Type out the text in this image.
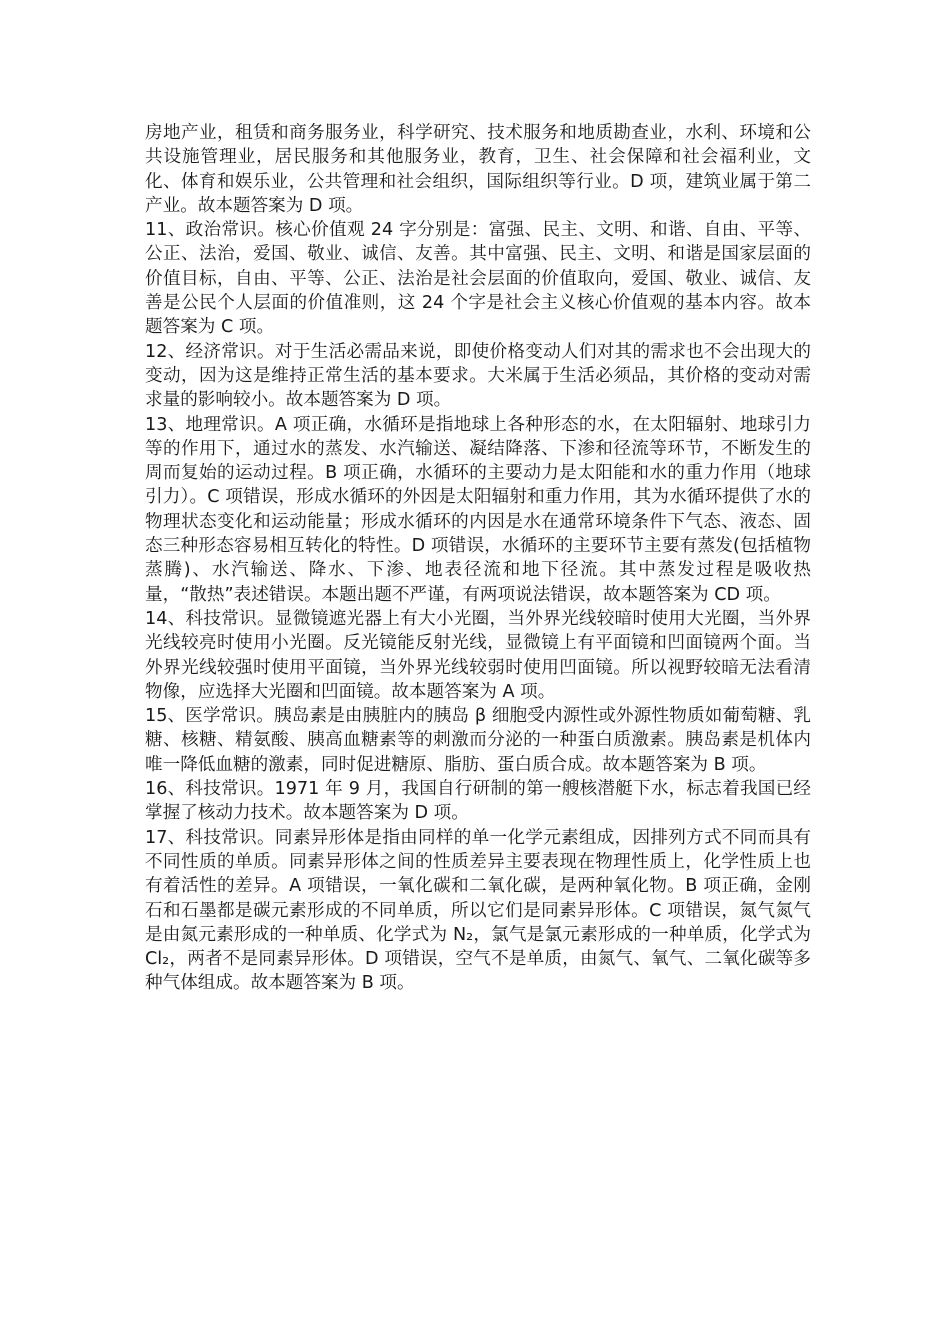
房地产业，租赁和商务服务业，科学研究、技术服务和地质勘查业，水利、环境和公共设施管理业，居民服务和其他服务业，教育，卫生、社会保障和社会福利业，文化、体育和娱乐业，公共管理和社会组织，国际组织等行业。D 项，建筑业属于第二产业。故本题答案为 D 项。

11、政治常识。核心价值观 24 字分别是：富强、民主、文明、和谐、自由、平等、公正、法治，爱国、敬业、诚信、友善。其中富强、民主、文明、和谐是国家层面的价值目标，自由、平等、公正、法治是社会层面的价值取向，爱国、敬业、诚信、友善是公民个人层面的价值准则，这 24 个字是社会主义核心价值观的基本内容。故本题答案为 C 项。

12、经济常识。对于生活必需品来说，即使价格变动人们对其的需求也不会出现大的变动，因为这是维持正常生活的基本要求。大米属于生活必须品，其价格的变动对需求量的影响较小。故本题答案为 D 项。

13、地理常识。A 项正确，水循环是指地球上各种形态的水，在太阳辐射、地球引力等的作用下，通过水的蒸发、水汽输送、凝结降落、下渗和径流等环节，不断发生的周而复始的运动过程。B 项正确，水循环的主要动力是太阳能和水的重力作用（地球引力）。C 项错误，形成水循环的外因是太阳辐射和重力作用，其为水循环提供了水的物理状态变化和运动能量；形成水循环的内因是水在通常环境条件下气态、液态、固态三种形态容易相互转化的特性。D 项错误，水循环的主要环节主要有蒸发(包括植物蒸腾)、水汽输送、降水、下渗、地表径流和地下径流。其中蒸发过程是吸收热量，“散热”表述错误。本题出题不严谨，有两项说法错误，故本题答案为 CD 项。

14、科技常识。显微镜遮光器上有大小光圈，当外界光线较暗时使用大光圈，当外界光线较亮时使用小光圈。反光镜能反射光线，显微镜上有平面镜和凹面镜两个面。当外界光线较强时使用平面镜，当外界光线较弱时使用凹面镜。所以视野较暗无法看清物像，应选择大光圈和凹面镜。故本题答案为 A 项。

15、医学常识。胰岛素是由胰脏内的胰岛 β 细胞受内源性或外源性物质如葡萄糖、乳糖、核糖、精氨酸、胰高血糖素等的刺激而分泌的一种蛋白质激素。胰岛素是机体内唯一降低血糖的激素，同时促进糖原、脂肪、蛋白质合成。故本题答案为 B 项。

16、科技常识。1971 年 9 月，我国自行研制的第一艘核潜艇下水，标志着我国已经掌握了核动力技术。故本题答案为 D 项。

17、科技常识。同素异形体是指由同样的单一化学元素组成，因排列方式不同而具有不同性质的单质。同素异形体之间的性质差异主要表现在物理性质上，化学性质上也有着活性的差异。A 项错误，一氧化碳和二氧化碳，是两种氧化物。B 项正确，金刚石和石墨都是碳元素形成的不同单质，所以它们是同素异形体。C 项错误，氮气氮气是由氮元素形成的一种单质、化学式为 N₂，氯气是氯元素形成的一种单质，化学式为 Cl₂，两者不是同素异形体。D 项错误，空气不是单质，由氮气、氧气、二氧化碳等多种气体组成。故本题答案为 B 项。
